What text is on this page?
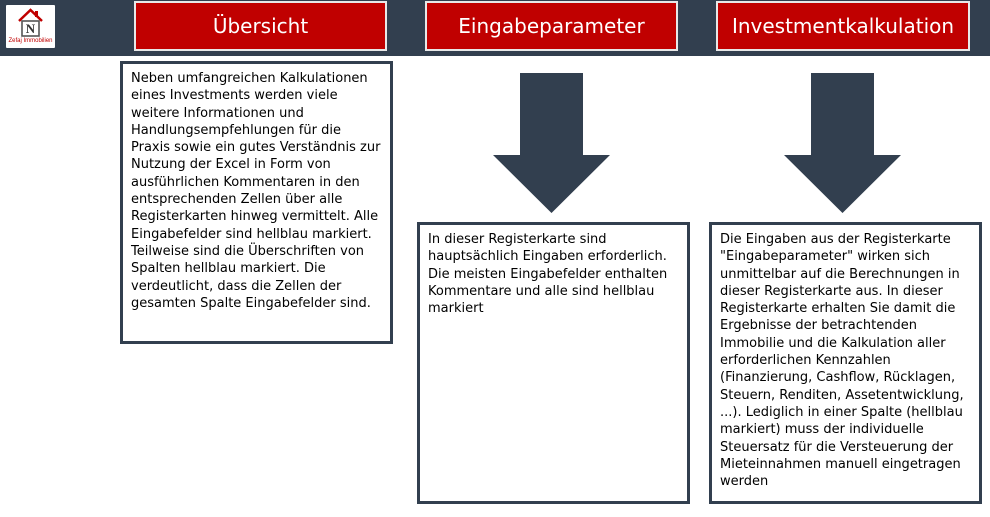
N
Zefaj Immobilien
Übersicht	Eingabeparameter	Investmentkalkulation
Neben umfangreichen Kalkulationen eines Investments werden viele weitere Informationen und Handlungsempfehlungen für die Praxis sowie ein gutes Verständnis zur Nutzung der Excel in Form von ausführlichen Kommentaren in den entsprechenden Zellen über alle Registerkarten hinweg vermittelt. Alle Eingabefelder sind hellblau markiert. Teilweise sind die Überschriften von Spalten hellblau markiert. Die verdeutlicht, dass die Zellen der gesamten Spalte Eingabefelder sind.
In dieser Registerkarte sind hauptsächlich Eingaben erforderlich. Die meisten Eingabefelder enthalten Kommentare und alle sind hellblau markiert
Die Eingaben aus der Registerkarte "Eingabeparameter" wirken sich unmittelbar auf die Berechnungen in dieser Registerkarte aus. In dieser Registerkarte erhalten Sie damit die Ergebnisse der betrachtenden Immobilie und die Kalkulation aller erforderlichen Kennzahlen (Finanzierung, Cashflow, Rücklagen, Steuern, Renditen, Assetentwicklung, ...). Lediglich in einer Spalte (hellblau markiert) muss der individuelle Steuersatz für die Versteuerung der Mieteinnahmen manuell eingetragen werden
